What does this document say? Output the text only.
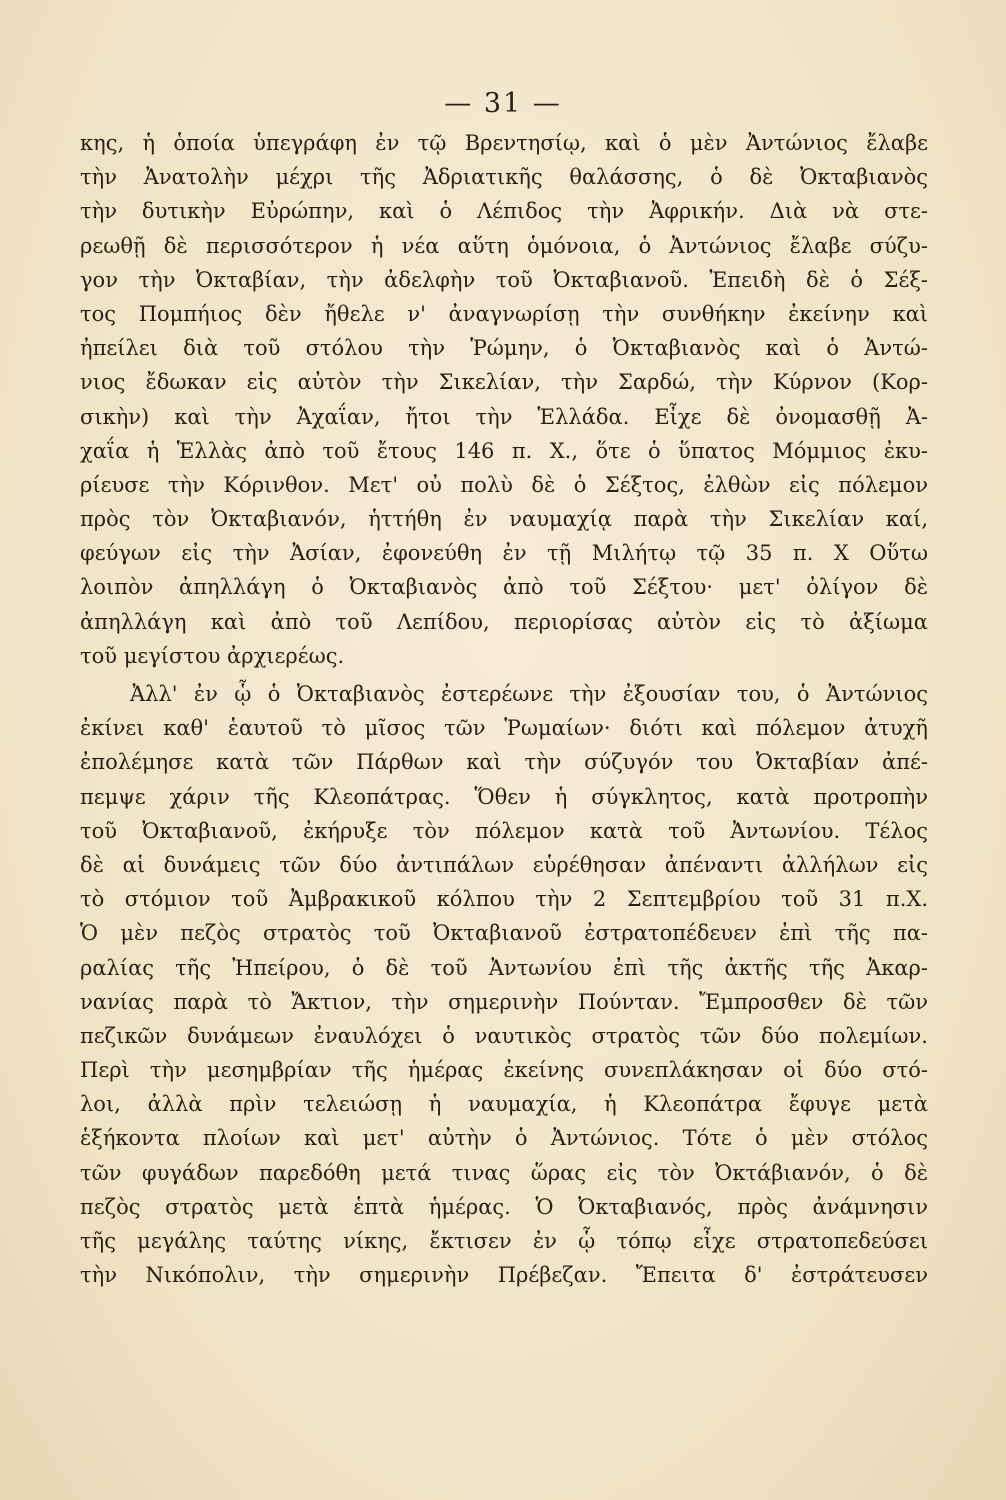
— 31 —
κης, ἡ ὁποία ὑπεγράφη ἐν τῷ Βρεντησίῳ, καὶ ὁ μὲν Ἀντώνιος ἔλαβε
τὴν Ἀνατολὴν μέχρι τῆς Ἀδριατικῆς θαλάσσης, ὁ δὲ Ὀκταβιανὸς
τὴν δυτικὴν Εὐρώπην, καὶ ὁ Λέπιδος τὴν Ἀφρικήν. Διὰ νὰ στε-
ρεωθῇ δὲ περισσότερον ἡ νέα αὕτη ὁμόνοια, ὁ Ἀντώνιος ἔλαβε σύζυ-
γον τὴν Ὀκταβίαν, τὴν ἀδελφὴν τοῦ Ὀκταβιανοῦ. Ἐπειδὴ δὲ ὁ Σέξ-
τος Πομπήιος δὲν ἤθελε ν' ἀναγνωρίσῃ τὴν συνθήκην ἐκείνην καὶ
ἠπείλει διὰ τοῦ στόλου τὴν Ῥώμην, ὁ Ὀκταβιανὸς καὶ ὁ Ἀντώ-
νιος ἔδωκαν εἰς αὐτὸν τὴν Σικελίαν, τὴν Σαρδώ, τὴν Κύρνον (Κορ-
σικὴν) καὶ τὴν Ἀχαΐαν, ἤτοι τὴν Ἑλλάδα. Εἶχε δὲ ὀνομασθῇ Ἀ-
χαΐα ἡ Ἑλλὰς ἀπὸ τοῦ ἔτους 146 π. Χ., ὅτε ὁ ὕπατος Μόμμιος ἐκυ-
ρίευσε τὴν Κόρινθον. Μετ' οὐ πολὺ δὲ ὁ Σέξτος, ἐλθὼν εἰς πόλεμον
πρὸς τὸν Ὀκταβιανόν, ἡττήθη ἐν ναυμαχίᾳ παρὰ τὴν Σικελίαν καί,
φεύγων εἰς τὴν Ἀσίαν, ἐφονεύθη ἐν τῇ Μιλήτῳ τῷ 35 π. Χ Οὕτω
λοιπὸν ἀπηλλάγη ὁ Ὀκταβιανὸς ἀπὸ τοῦ Σέξτου· μετ' ὀλίγον δὲ
ἀπηλλάγη καὶ ἀπὸ τοῦ Λεπίδου, περιορίσας αὐτὸν εἰς τὸ ἀξίωμα
τοῦ μεγίστου ἀρχιερέως.
Ἀλλ' ἐν ᾧ ὁ Ὀκταβιανὸς ἐστερέωνε τὴν ἐξουσίαν του, ὁ Ἀντώνιος
ἐκίνει καθ' ἑαυτοῦ τὸ μῖσος τῶν Ῥωμαίων· διότι καὶ πόλεμον ἀτυχῆ
ἐπολέμησε κατὰ τῶν Πάρθων καὶ τὴν σύζυγόν του Ὀκταβίαν ἀπέ-
πεμψε χάριν τῆς Κλεοπάτρας. Ὅθεν ἡ σύγκλητος, κατὰ προτροπὴν
τοῦ Ὀκταβιανοῦ, ἐκήρυξε τὸν πόλεμον κατὰ τοῦ Ἀντωνίου. Τέλος
δὲ αἱ δυνάμεις τῶν δύο ἀντιπάλων εὑρέθησαν ἀπέναντι ἀλλήλων εἰς
τὸ στόμιον τοῦ Ἀμβρακικοῦ κόλπου τὴν 2 Σεπτεμβρίου τοῦ 31 π.Χ.
Ὁ μὲν πεζὸς στρατὸς τοῦ Ὀκταβιανοῦ ἐστρατοπέδευεν ἐπὶ τῆς πα-
ραλίας τῆς Ἠπείρου, ὁ δὲ τοῦ Ἀντωνίου ἐπὶ τῆς ἀκτῆς τῆς Ἀκαρ-
νανίας παρὰ τὸ Ἄκτιον, τὴν σημερινὴν Πούνταν. Ἔμπροσθεν δὲ τῶν
πεζικῶν δυνάμεων ἐναυλόχει ὁ ναυτικὸς στρατὸς τῶν δύο πολεμίων.
Περὶ τὴν μεσημβρίαν τῆς ἡμέρας ἐκείνης συνεπλάκησαν οἱ δύο στό-
λοι, ἀλλὰ πρὶν τελειώσῃ ἡ ναυμαχία, ἡ Κλεοπάτρα ἔφυγε μετὰ
ἑξήκοντα πλοίων καὶ μετ' αὐτὴν ὁ Ἀντώνιος. Τότε ὁ μὲν στόλος
τῶν φυγάδων παρεδόθη μετά τινας ὥρας εἰς τὸν Ὀκτάβιανόν, ὁ δὲ
πεζὸς στρατὸς μετὰ ἑπτὰ ἡμέρας. Ὁ Ὀκταβιανός, πρὸς ἀνάμνησιν
τῆς μεγάλης ταύτης νίκης, ἔκτισεν ἐν ᾧ τόπῳ εἶχε στρατοπεδεύσει
τὴν Νικόπολιν, τὴν σημερινὴν Πρέβεζαν. Ἔπειτα δ' ἐστράτευσεν
